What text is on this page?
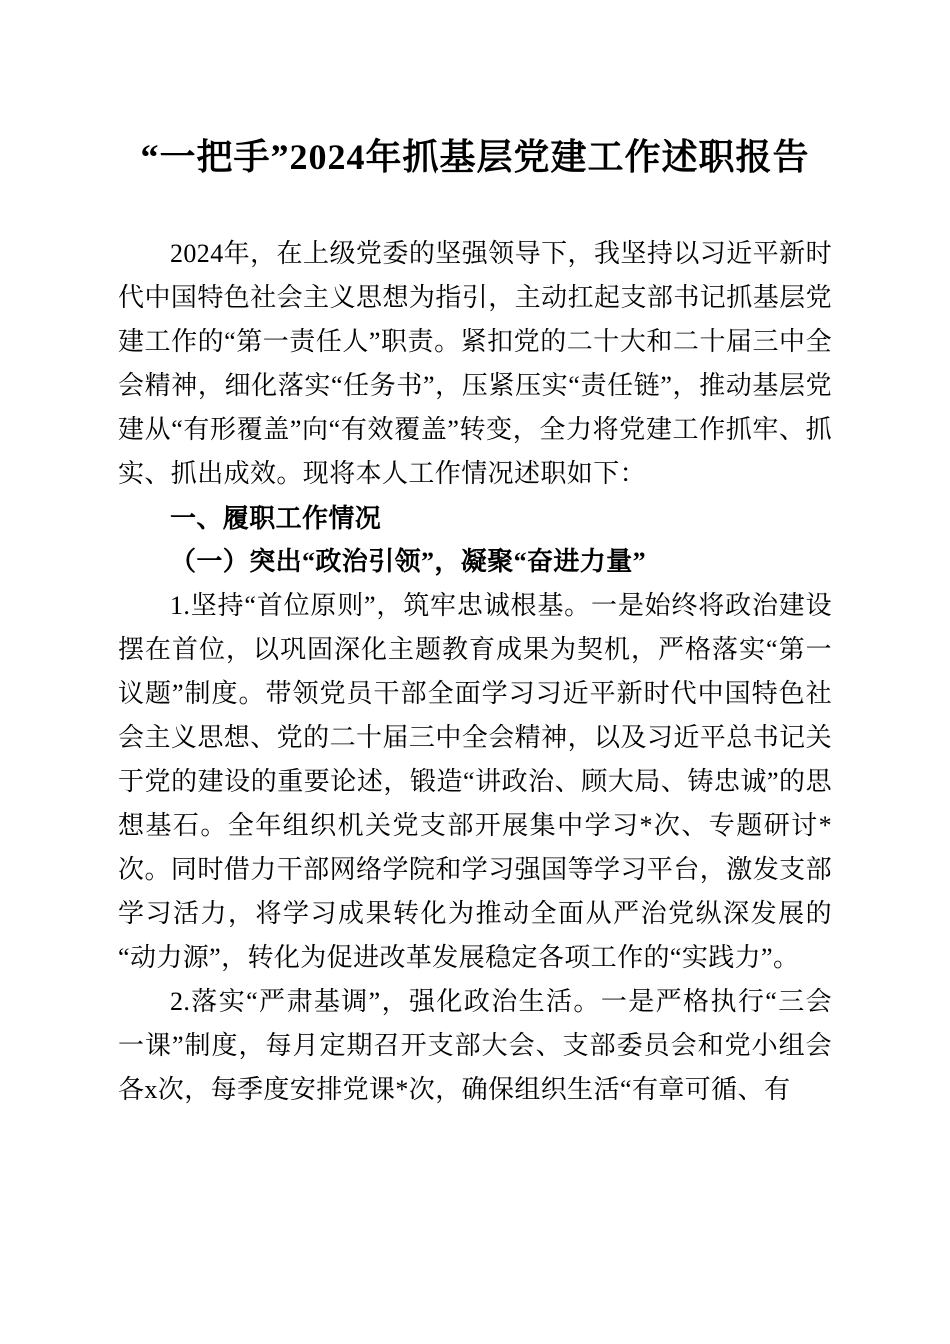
“一把手”2024年抓基层党建工作述职报告

2024年，在上级党委的坚强领导下，我坚持以习近平新时代中国特色社会主义思想为指引，主动扛起支部书记抓基层党建工作的“第一责任人”职责。紧扣党的二十大和二十届三中全会精神，细化落实“任务书”，压紧压实“责任链”，推动基层党建从“有形覆盖”向“有效覆盖”转变，全力将党建工作抓牢、抓实、抓出成效。现将本人工作情况述职如下：

一、履职工作情况

（一）突出“政治引领”，凝聚“奋进力量”

1.坚持“首位原则”，筑牢忠诚根基。一是始终将政治建设摆在首位，以巩固深化主题教育成果为契机，严格落实“第一议题”制度。带领党员干部全面学习习近平新时代中国特色社会主义思想、党的二十届三中全会精神，以及习近平总书记关于党的建设的重要论述，锻造“讲政治、顾大局、铸忠诚”的思想基石。全年组织机关党支部开展集中学习*次、专题研讨*次。同时借力干部网络学院和学习强国等学习平台，激发支部学习活力，将学习成果转化为推动全面从严治党纵深发展的“动力源”，转化为促进改革发展稳定各项工作的“实践力”。

2.落实“严肃基调”，强化政治生活。一是严格执行“三会一课”制度，每月定期召开支部大会、支部委员会和党小组会各x次，每季度安排党课*次，确保组织生活“有章可循、有
